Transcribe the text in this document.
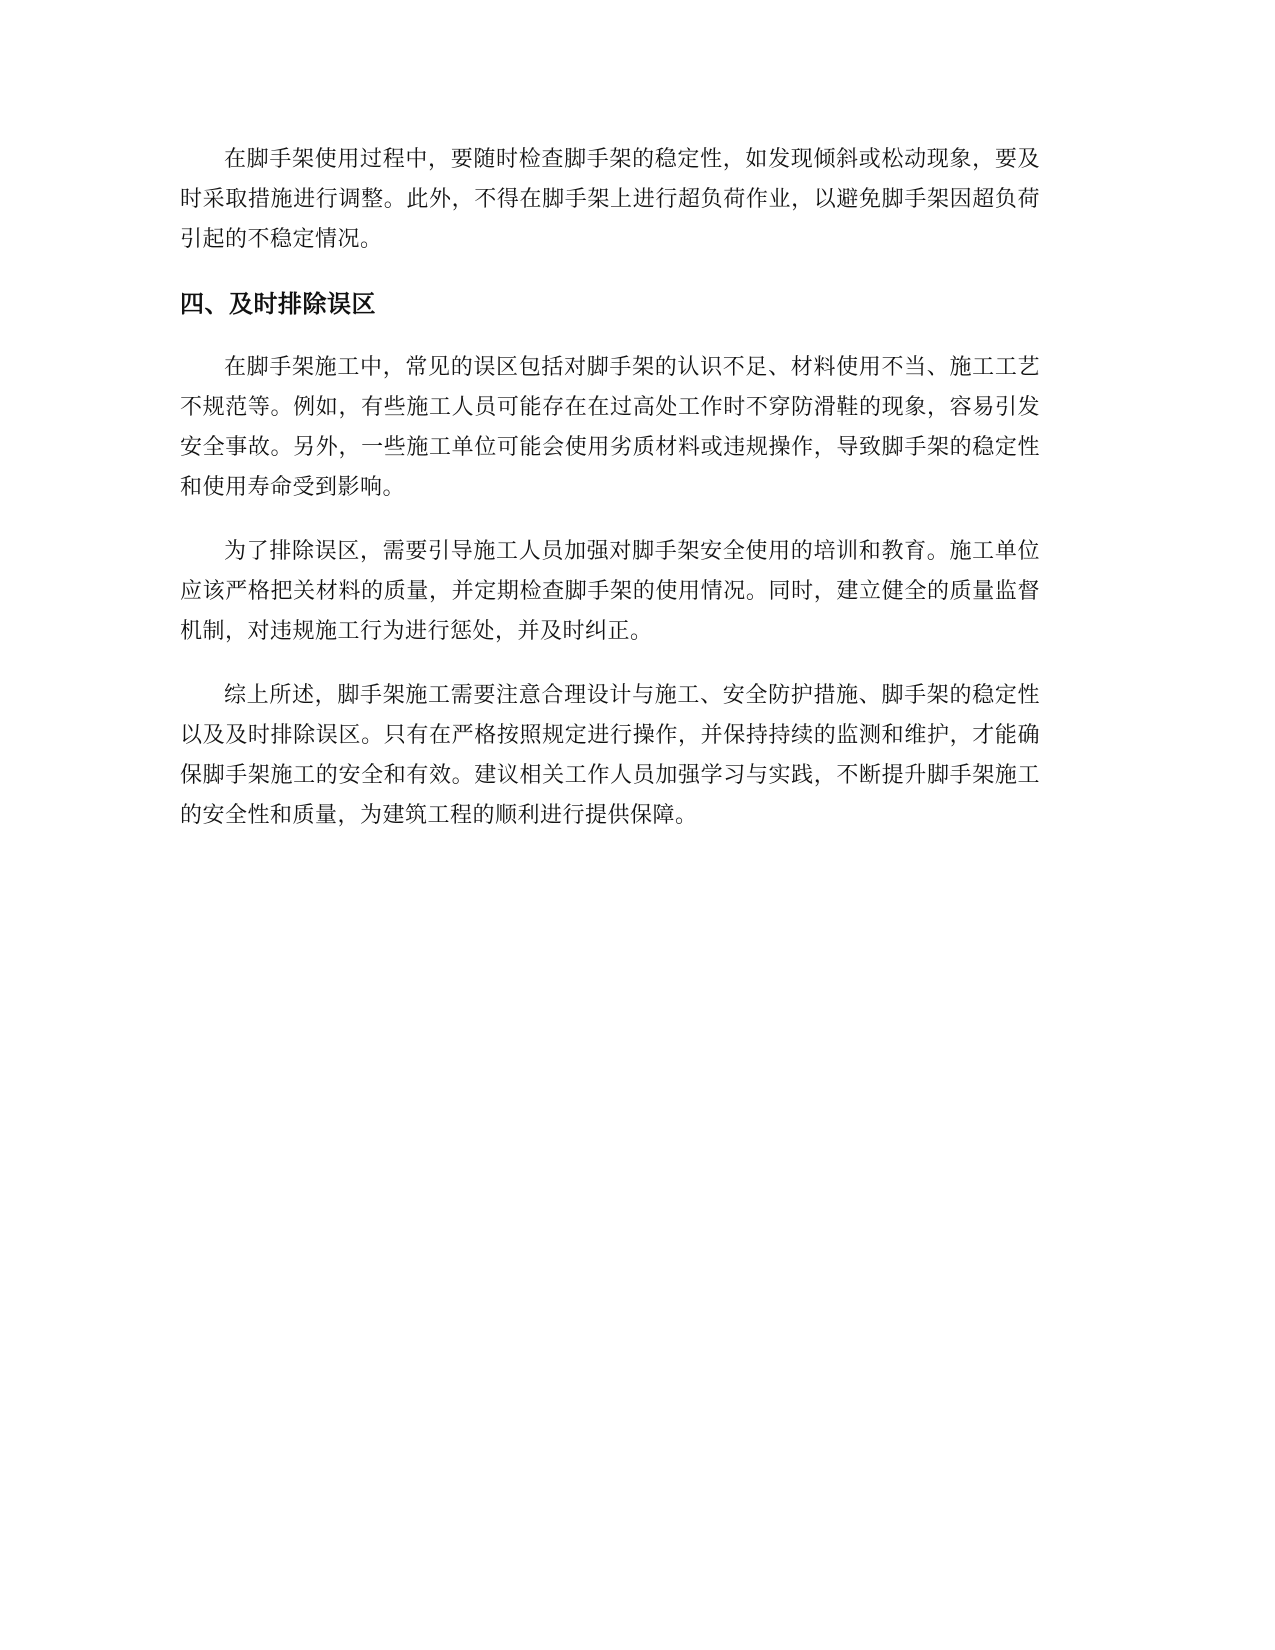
在脚手架使用过程中，要随时检查脚手架的稳定性，如发现倾斜或松动现象，要及时采取措施进行调整。此外，不得在脚手架上进行超负荷作业，以避免脚手架因超负荷引起的不稳定情况。

四、及时排除误区

在脚手架施工中，常见的误区包括对脚手架的认识不足、材料使用不当、施工工艺不规范等。例如，有些施工人员可能存在在过高处工作时不穿防滑鞋的现象，容易引发安全事故。另外，一些施工单位可能会使用劣质材料或违规操作，导致脚手架的稳定性和使用寿命受到影响。

为了排除误区，需要引导施工人员加强对脚手架安全使用的培训和教育。施工单位应该严格把关材料的质量，并定期检查脚手架的使用情况。同时，建立健全的质量监督机制，对违规施工行为进行惩处，并及时纠正。

综上所述，脚手架施工需要注意合理设计与施工、安全防护措施、脚手架的稳定性以及及时排除误区。只有在严格按照规定进行操作，并保持持续的监测和维护，才能确保脚手架施工的安全和有效。建议相关工作人员加强学习与实践，不断提升脚手架施工的安全性和质量，为建筑工程的顺利进行提供保障。
